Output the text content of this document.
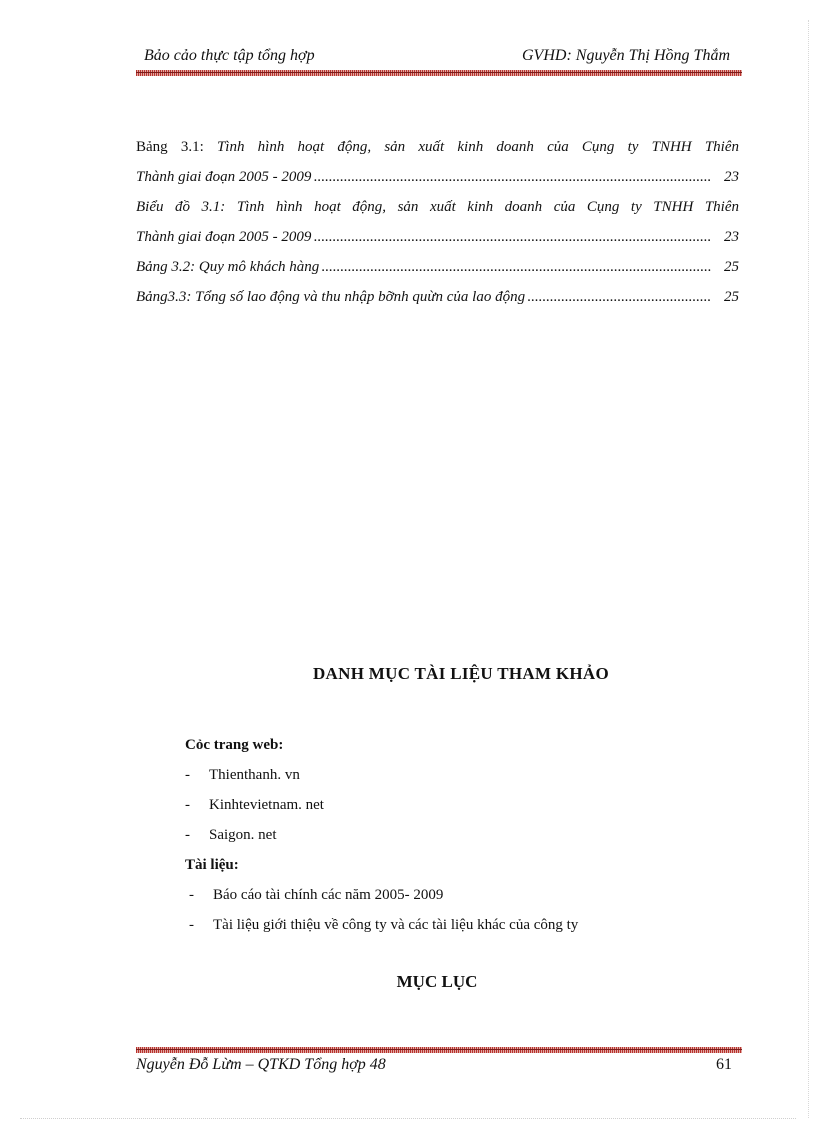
Bảo cảo thực tập tổng hợp	GVHD: Nguyễn Thị Hồng Thắm
Bảng 3.1: Tình hình hoạt động, sản xuất kinh doanh của Cụng ty TNHH Thiên
Thành giai đoạn 2005 - 2009 .....	23
Biểu đồ 3.1: Tình hình hoạt động, sản xuất kinh doanh của Cụng ty TNHH Thiên
Thành giai đoạn 2005 - 2009 .....	23
Bảng 3.2: Quy mô khách hàng .....	25
Bảng3.3: Tổng số lao động và thu nhập bỡnh quừn của lao động .....	25
DANH MỤC TÀI LIỆU THAM KHẢO
Cỏc trang web:
-	Thienthanh. vn
-	Kinhtevietnam. net
-	Saigon. net
Tài liệu:
-	Báo cáo tài chính các năm 2005- 2009
-	Tài liệu giới thiệu về công ty và các tài liệu khác của công ty
MỤC LỤC
Nguyễn Đỗ Lừm – QTKD Tổng hợp 48	61
